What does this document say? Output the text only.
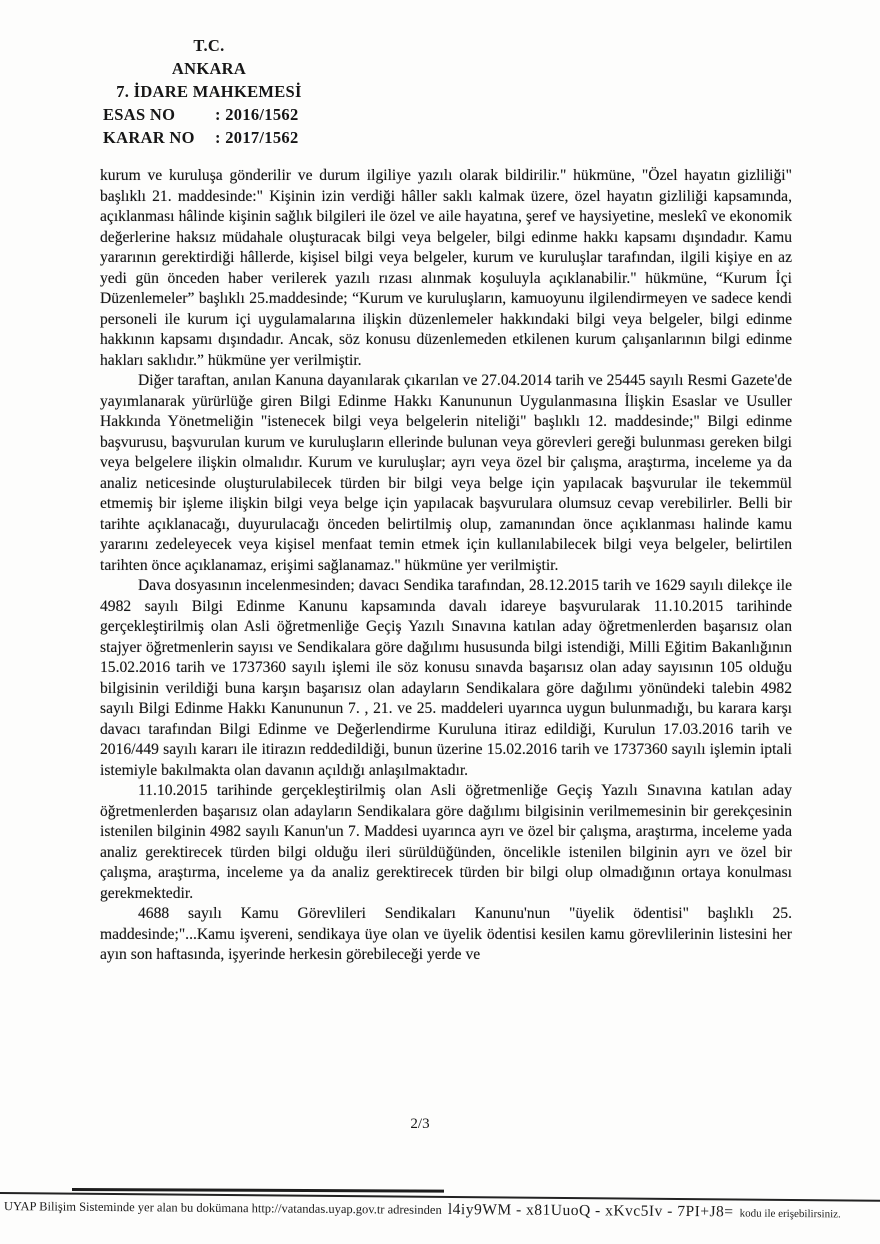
T.C.
ANKARA
7. İDARE MAHKEMESİ
ESAS NO : 2016/1562
KARAR NO : 2017/1562

kurum ve kuruluşa gönderilir ve durum ilgiliye yazılı olarak bildirilir." hükmüne, "Özel hayatın gizliliği" başlıklı 21. maddesinde:" Kişinin izin verdiği hâller saklı kalmak üzere, özel hayatın gizliliği kapsamında, açıklanması hâlinde kişinin sağlık bilgileri ile özel ve aile hayatına, şeref ve haysiyetine, meslekî ve ekonomik değerlerine haksız müdahale oluşturacak bilgi veya belgeler, bilgi edinme hakkı kapsamı dışındadır. Kamu yararının gerektirdiği hâllerde, kişisel bilgi veya belgeler, kurum ve kuruluşlar tarafından, ilgili kişiye en az yedi gün önceden haber verilerek yazılı rızası alınmak koşuluyla açıklanabilir." hükmüne, “Kurum İçi Düzenlemeler” başlıklı 25.maddesinde; “Kurum ve kuruluşların, kamuoyunu ilgilendirmeyen ve sadece kendi personeli ile kurum içi uygulamalarına ilişkin düzenlemeler hakkındaki bilgi veya belgeler, bilgi edinme hakkının kapsamı dışındadır. Ancak, söz konusu düzenlemeden etkilenen kurum çalışanlarının bilgi edinme hakları saklıdır.” hükmüne yer verilmiştir.

Diğer taraftan, anılan Kanuna dayanılarak çıkarılan ve 27.04.2014 tarih ve 25445 sayılı Resmi Gazete'de yayımlanarak yürürlüğe giren Bilgi Edinme Hakkı Kanununun Uygulanmasına İlişkin Esaslar ve Usuller Hakkında Yönetmeliğin "istenecek bilgi veya belgelerin niteliği" başlıklı 12. maddesinde;" Bilgi edinme başvurusu, başvurulan kurum ve kuruluşların ellerinde bulunan veya görevleri gereği bulunması gereken bilgi veya belgelere ilişkin olmalıdır. Kurum ve kuruluşlar; ayrı veya özel bir çalışma, araştırma, inceleme ya da analiz neticesinde oluşturulabilecek türden bir bilgi veya belge için yapılacak başvurular ile tekemmül etmemiş bir işleme ilişkin bilgi veya belge için yapılacak başvurulara olumsuz cevap verebilirler. Belli bir tarihte açıklanacağı, duyurulacağı önceden belirtilmiş olup, zamanından önce açıklanması halinde kamu yararını zedeleyecek veya kişisel menfaat temin etmek için kullanılabilecek bilgi veya belgeler, belirtilen tarihten önce açıklanamaz, erişimi sağlanamaz." hükmüne yer verilmiştir.

Dava dosyasının incelenmesinden; davacı Sendika tarafından, 28.12.2015 tarih ve 1629 sayılı dilekçe ile 4982 sayılı Bilgi Edinme Kanunu kapsamında davalı idareye başvurularak 11.10.2015 tarihinde gerçekleştirilmiş olan Asli öğretmenliğe Geçiş Yazılı Sınavına katılan aday öğretmenlerden başarısız olan stajyer öğretmenlerin sayısı ve Sendikalara göre dağılımı hususunda bilgi istendiği, Milli Eğitim Bakanlığının 15.02.2016 tarih ve 1737360 sayılı işlemi ile söz konusu sınavda başarısız olan aday sayısının 105 olduğu bilgisinin verildiği buna karşın başarısız olan adayların Sendikalara göre dağılımı yönündeki talebin 4982 sayılı Bilgi Edinme Hakkı Kanununun 7. , 21. ve 25. maddeleri uyarınca uygun bulunmadığı, bu karara karşı davacı tarafından Bilgi Edinme ve Değerlendirme Kuruluna itiraz edildiği, Kurulun 17.03.2016 tarih ve 2016/449 sayılı kararı ile itirazın reddedildiği, bunun üzerine 15.02.2016 tarih ve 1737360 sayılı işlemin iptali istemiyle bakılmakta olan davanın açıldığı anlaşılmaktadır.

11.10.2015 tarihinde gerçekleştirilmiş olan Asli öğretmenliğe Geçiş Yazılı Sınavına katılan aday öğretmenlerden başarısız olan adayların Sendikalara göre dağılımı bilgisinin verilmemesinin bir gerekçesinin istenilen bilginin 4982 sayılı Kanun'un 7. Maddesi uyarınca ayrı ve özel bir çalışma, araştırma, inceleme yada analiz gerektirecek türden bilgi olduğu ileri sürüldüğünden, öncelikle istenilen bilginin ayrı ve özel bir çalışma, araştırma, inceleme ya da analiz gerektirecek türden bir bilgi olup olmadığının ortaya konulması gerekmektedir.

4688 sayılı Kamu Görevlileri Sendikaları Kanunu'nun "üyelik ödentisi" başlıklı 25. maddesinde;"...Kamu işvereni, sendikaya üye olan ve üyelik ödentisi kesilen kamu görevlilerinin listesini her ayın son haftasında, işyerinde herkesin görebileceği yerde ve

2/3
UYAP Bilişim Sisteminde yer alan bu dokümana http://vatandas.uyap.gov.tr adresinden l4iy9WM - x81UuoQ - xKvc5Iv - 7PI+J8= kodu ile erişebilirsiniz.
